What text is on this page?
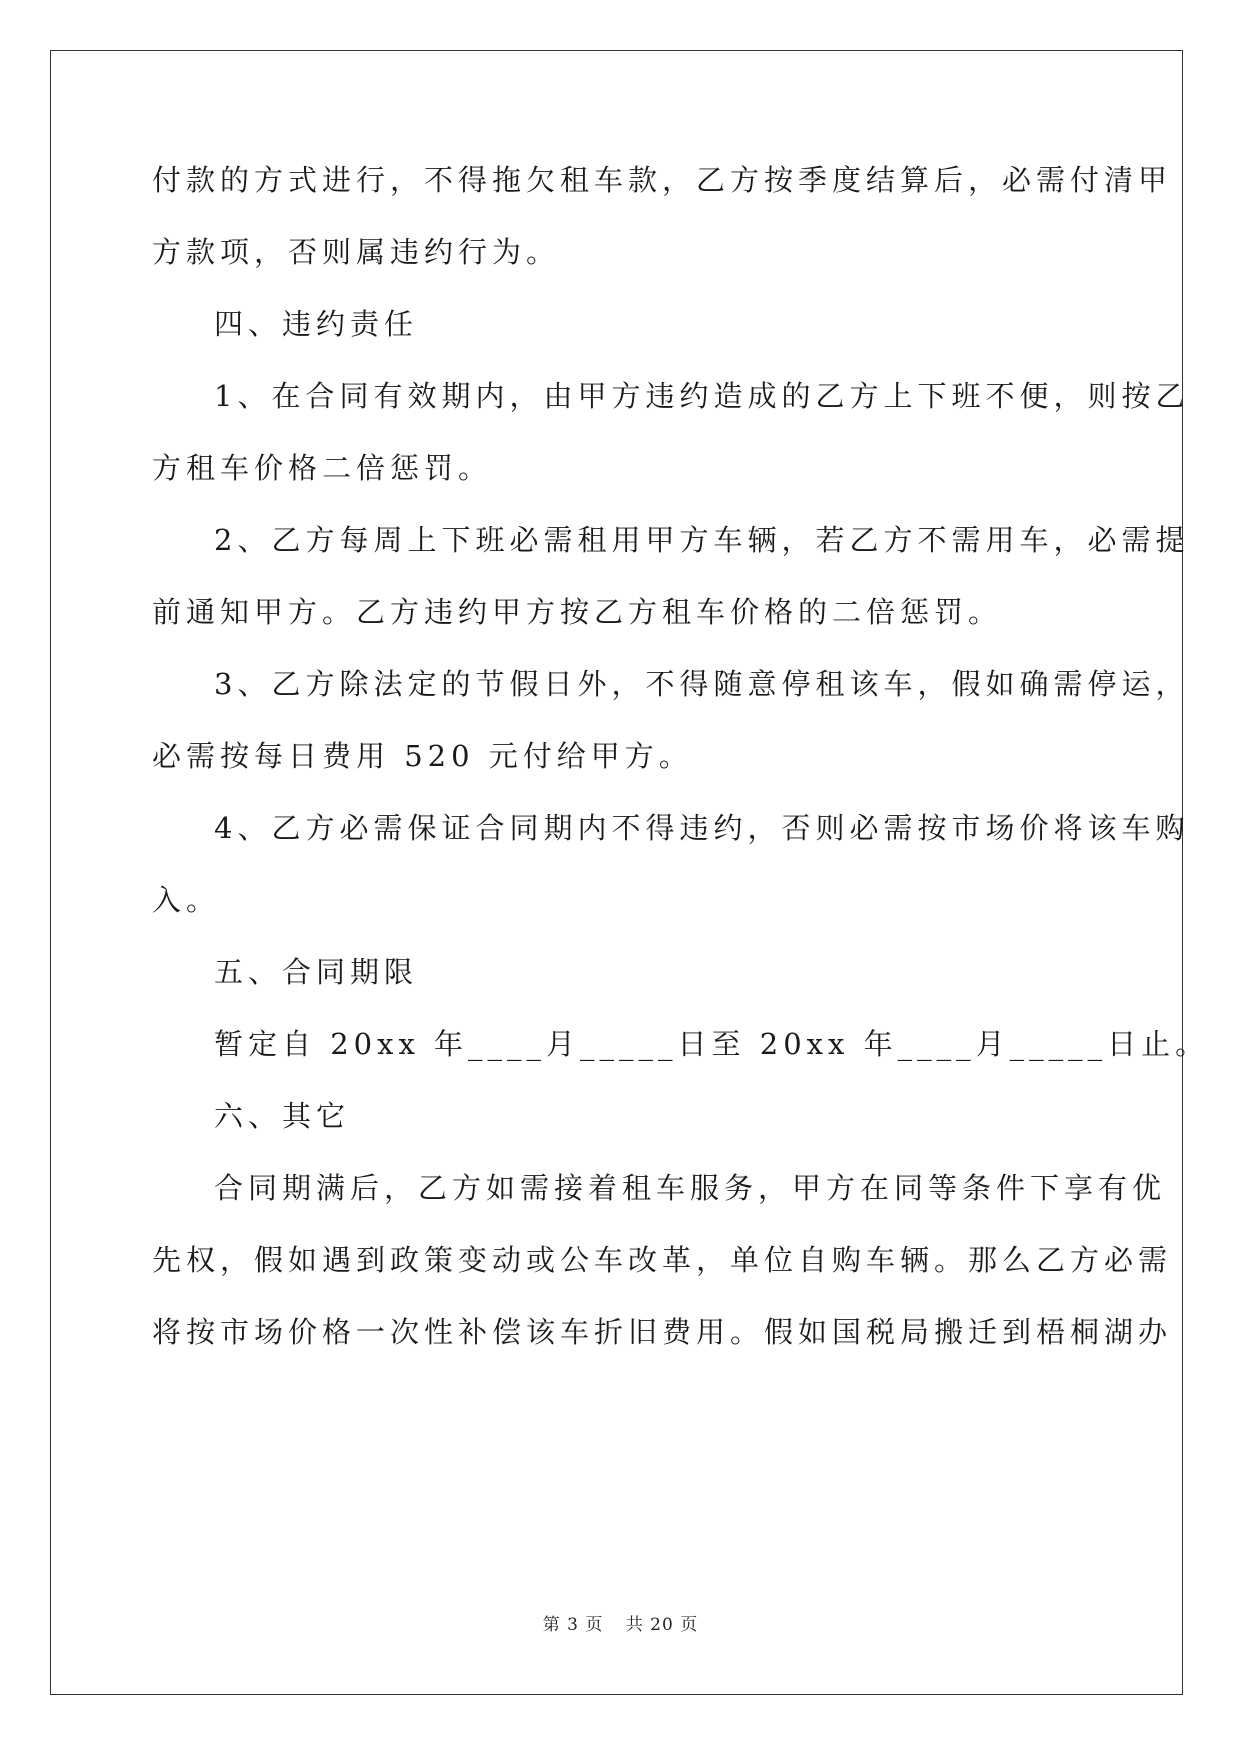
付款的方式进行，不得拖欠租车款，乙方按季度结算后，必需付清甲
方款项，否则属违约行为。
四、违约责任
1、在合同有效期内，由甲方违约造成的乙方上下班不便，则按乙
方租车价格二倍惩罚。
2、乙方每周上下班必需租用甲方车辆，若乙方不需用车，必需提
前通知甲方。乙方违约甲方按乙方租车价格的二倍惩罚。
3、乙方除法定的节假日外，不得随意停租该车，假如确需停运，
必需按每日费用 520 元付给甲方。
4、乙方必需保证合同期内不得违约，否则必需按市场价将该车购
入。
五、合同期限
暂定自 20xx 年____月_____日至 20xx 年____月_____日止。
六、其它
合同期满后，乙方如需接着租车服务，甲方在同等条件下享有优
先权，假如遇到政策变动或公车改革，单位自购车辆。那么乙方必需
将按市场价格一次性补偿该车折旧费用。假如国税局搬迁到梧桐湖办
第 3 页 共 20 页
